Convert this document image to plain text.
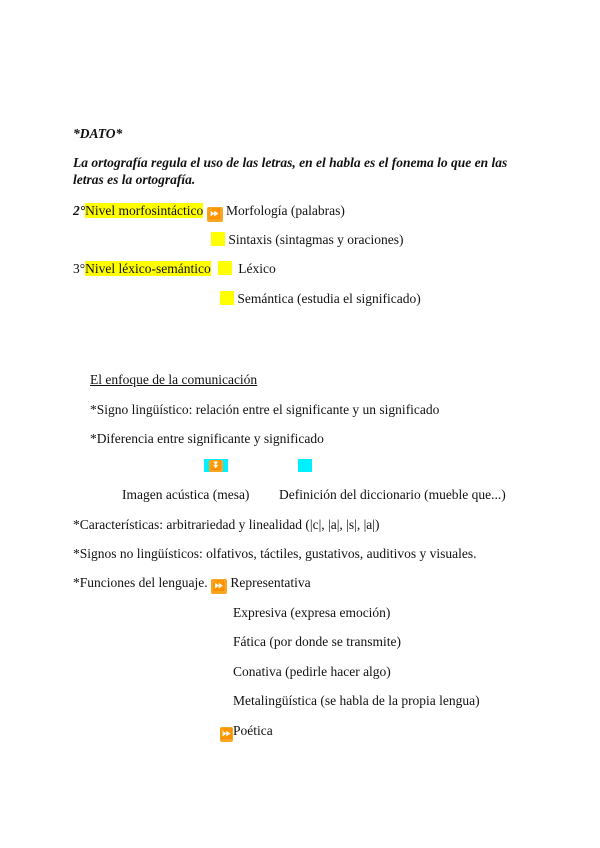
*DATO*
La ortografía regula el uso de las letras, en el habla es el fonema lo que en las
letras es la ortografía.
2°Nivel morfosintáctico ⏩ Morfología (palabras)
Sintaxis (sintagmas y oraciones)
3°Nivel léxico-semántico Léxico
Semántica (estudia el significado)
El enfoque de la comunicación
*Signo lingüístico: relación entre el significante y un significado
*Diferencia entre significante y significado
⏬
Imagen acústica (mesa) Definición del diccionario (mueble que...)
*Características: arbitrariedad y linealidad (|c|, |a|, |s|, |a|)
*Signos no lingüísticos: olfativos, táctiles, gustativos, auditivos y visuales.
*Funciones del lenguaje. ⏩ Representativa
Expresiva (expresa emoción)
Fática (por donde se transmite)
Conativa (pedirle hacer algo)
Metalingüística (se habla de la propia lengua)
⏩Poética
